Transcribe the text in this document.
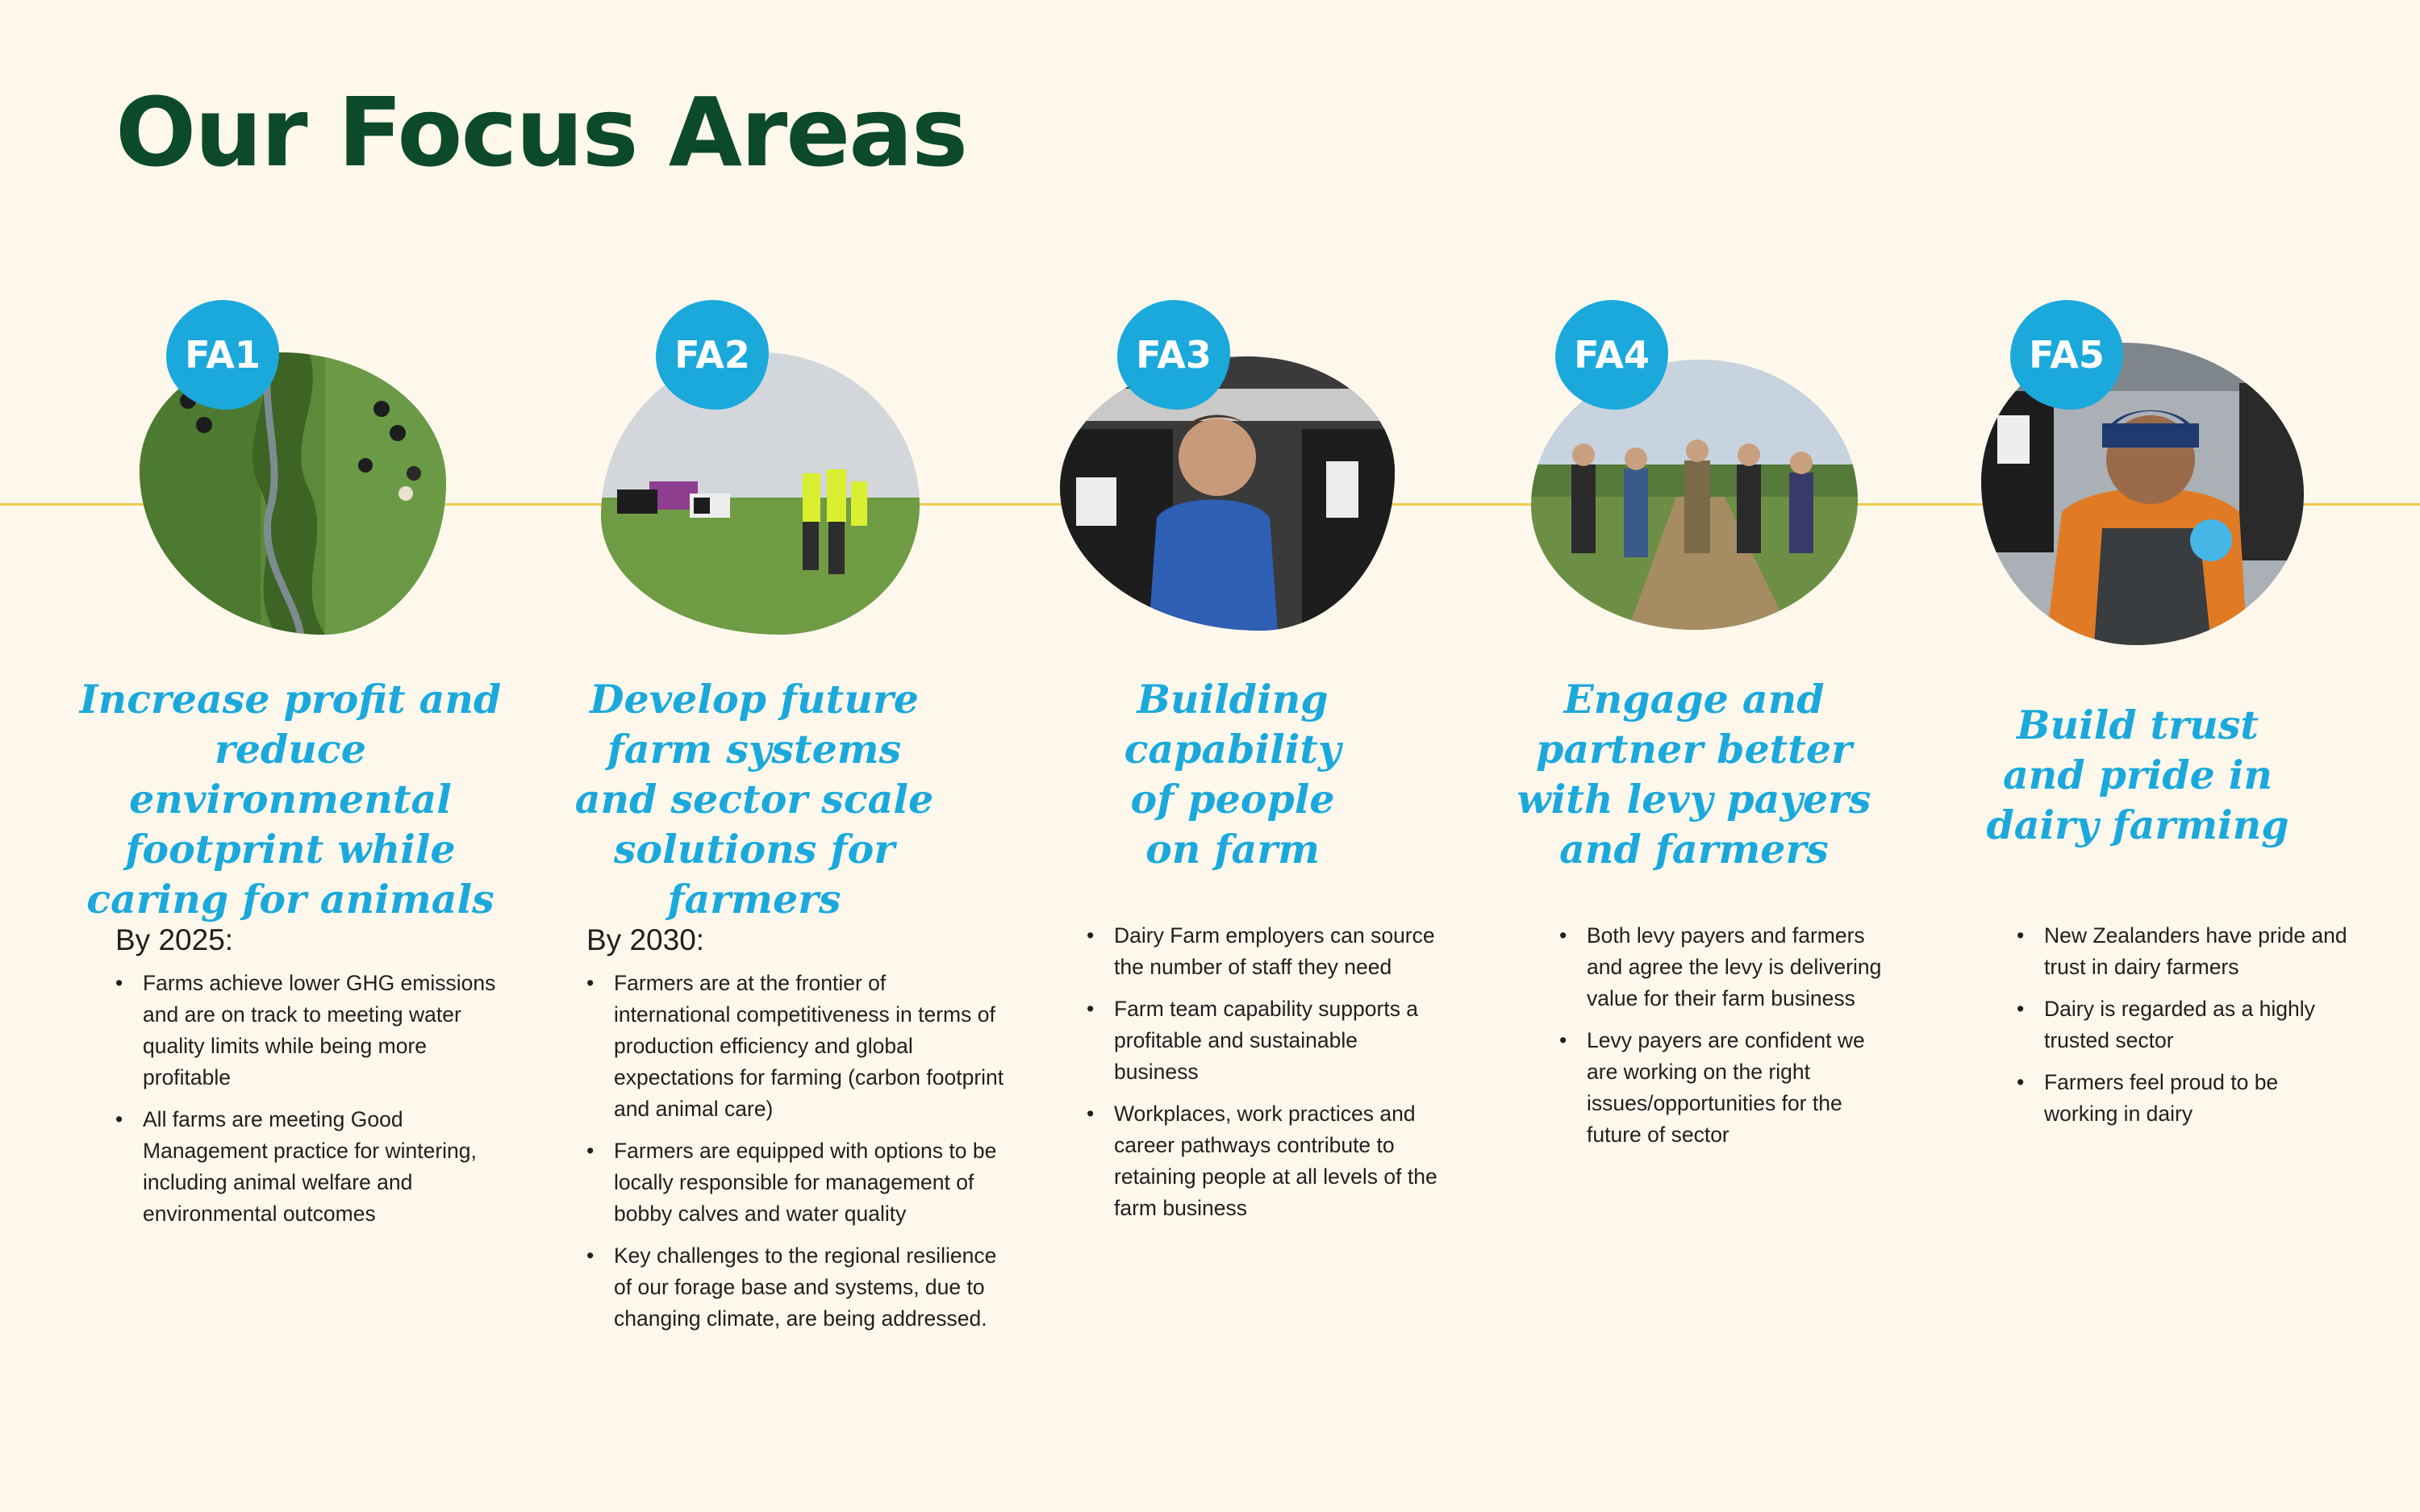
Our Focus Areas
FA1
Increase profit and reduce environmental footprint while caring for animals
By 2025:
• Farms achieve lower GHG emissions and are on track to meeting water quality limits while being more profitable
• All farms are meeting Good Management practice for wintering, including animal welfare and environmental outcomes
FA2
Develop future farm systems and sector scale solutions for farmers
By 2030:
• Farmers are at the frontier of international competitiveness in terms of production efficiency and global expectations for farming (carbon footprint and animal care)
• Farmers are equipped with options to be locally responsible for management of bobby calves and water quality
• Key challenges to the regional resilience of our forage base and systems, due to changing climate, are being addressed.
FA3
Building capability of people on farm
• Dairy Farm employers can source the number of staff they need
• Farm team capability supports a profitable and sustainable business
• Workplaces, work practices and career pathways contribute to retaining people at all levels of the farm business
FA4
Engage and partner better with levy payers and farmers
• Both levy payers and farmers and agree the levy is delivering value for their farm business
• Levy payers are confident we are working on the right issues/opportunities for the future of sector
FA5
Build trust and pride in dairy farming
• New Zealanders have pride and trust in dairy farmers
• Dairy is regarded as a highly trusted sector
• Farmers feel proud to be working in dairy
